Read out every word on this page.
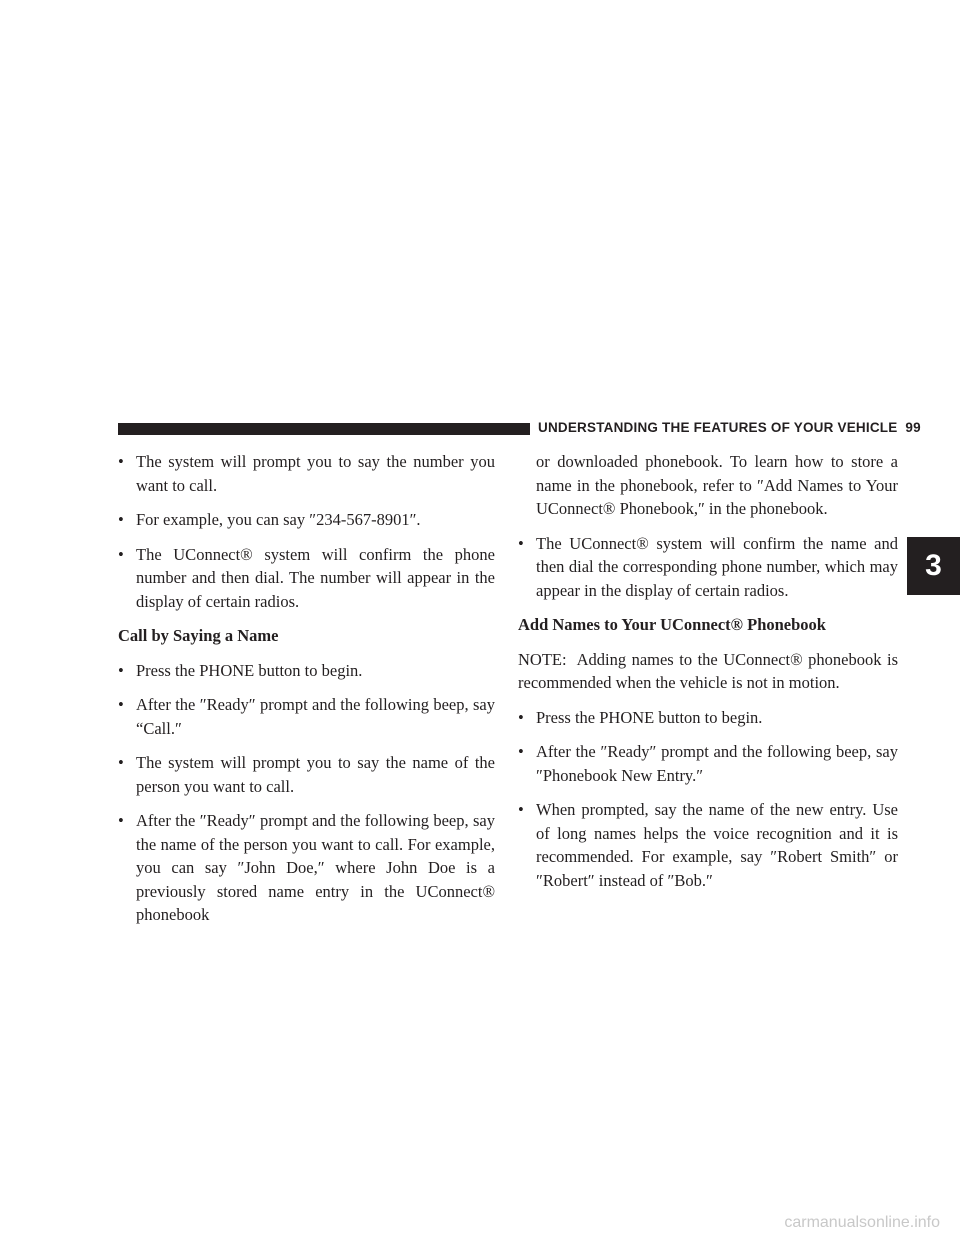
UNDERSTANDING THE FEATURES OF YOUR VEHICLE 99
• The system will prompt you to say the number you want to call.
• For example, you can say ″234-567-8901″.
• The UConnect® system will confirm the phone number and then dial. The number will appear in the display of certain radios.
Call by Saying a Name
• Press the PHONE button to begin.
• After the ″Ready″ prompt and the following beep, say “Call.″
• The system will prompt you to say the name of the person you want to call.
• After the ″Ready″ prompt and the following beep, say the name of the person you want to call. For example, you can say ″John Doe,″ where John Doe is a previously stored name entry in the UConnect® phonebook
or downloaded phonebook. To learn how to store a name in the phonebook, refer to ″Add Names to Your UConnect® Phonebook,″ in the phonebook.
• The UConnect® system will confirm the name and then dial the corresponding phone number, which may appear in the display of certain radios.
Add Names to Your UConnect® Phonebook
NOTE: Adding names to the UConnect® phonebook is recommended when the vehicle is not in motion.
• Press the PHONE button to begin.
• After the ″Ready″ prompt and the following beep, say ″Phonebook New Entry.″
• When prompted, say the name of the new entry. Use of long names helps the voice recognition and it is recommended. For example, say ″Robert Smith″ or ″Robert″ instead of ″Bob.″
3
carmanualsonline.info
